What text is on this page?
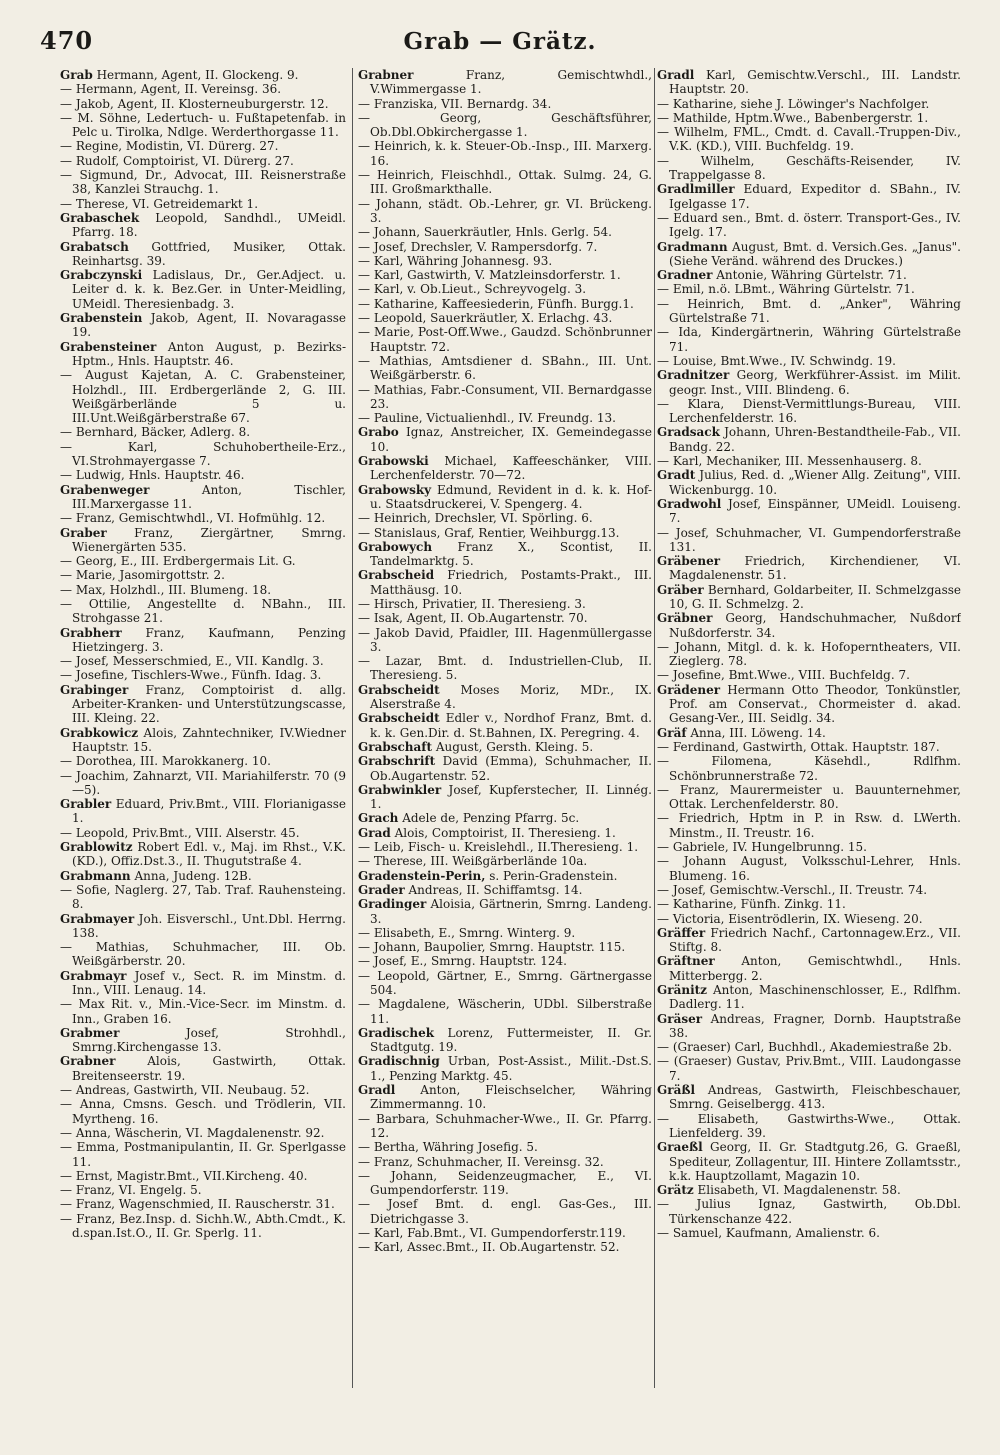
470	Grab — Grätz.
Grab Hermann, Agent, II. Glockeng. 9.
— Hermann, Agent, II. Vereinsg. 36.
— Jakob, Agent, II. Klosterneuburgerstr. 12.
— M. Söhne, Ledertuch- u. Fußtapetenfab. in Pelc u. Tirolka, Ndlge. Werderthorgasse 11.
— Regine, Modistin, VI. Dürerg. 27.
— Rudolf, Comptoirist, VI. Dürerg. 27.
— Sigmund, Dr., Advocat, III. Reisnerstraße 38, Kanzlei Strauchg. 1.
— Therese, VI. Getreidemarkt 1.
Grabaschek Leopold, Sandhdl., UMeidl. Pfarrg. 18.
Grabatsch Gottfried, Musiker, Ottak. Reinhartsg. 39.
Grabczynski Ladislaus, Dr., Ger.Adject. u. Leiter d. k. k. Bez.Ger. in Unter-Meidling, UMeidl. Theresienbadg. 3.
Grabenstein Jakob, Agent, II. Novaragasse 19.
Grabensteiner Anton August, p. Bezirks-Hptm., Hnls. Hauptstr. 46.
— August Kajetan, A. C. Grabensteiner, Holzhdl., III. Erdbergerlände 2, G. III. Weißgärberlände 5 u. III.Unt.Weißgärberstraße 67.
— Bernhard, Bäcker, Adlerg. 8.
— Karl, Schuhobertheile-Erz., VI.Strohmayergasse 7.
— Ludwig, Hnls. Hauptstr. 46.
Grabenweger Anton, Tischler, III.Marxergasse 11.
— Franz, Gemischtwhdl., VI. Hofmühlg. 12.
Graber Franz, Ziergärtner, Smrng. Wienergärten 535.
— Georg, E., III. Erdbergermais Lit. G.
— Marie, Jasomirgottstr. 2.
— Max, Holzhdl., III. Blumeng. 18.
— Ottilie, Angestellte d. NBahn., III. Strohgasse 21.
Grabherr Franz, Kaufmann, Penzing Hietzingerg. 3.
— Josef, Messerschmied, E., VII. Kandlg. 3.
— Josefine, Tischlers-Wwe., Fünfh. Idag. 3.
Grabinger Franz, Comptoirist d. allg. Arbeiter-Kranken- und Unterstützungscasse, III. Kleing. 22.
Grabkowicz Alois, Zahntechniker, IV.Wiedner Hauptstr. 15.
— Dorothea, III. Marokkanerg. 10.
— Joachim, Zahnarzt, VII. Mariahilferstr. 70 (9—5).
Grabler Eduard, Priv.Bmt., VIII. Florianigasse 1.
— Leopold, Priv.Bmt., VIII. Alserstr. 45.
Grablowitz Robert Edl. v., Maj. im Rhst., V.K. (KD.), Offiz.Dst.3., II. Thugutstraße 4.
Grabmann Anna, Judeng. 12B.
— Sofie, Naglerg. 27, Tab. Traf. Rauhensteing. 8.
Grabmayer Joh. Eisverschl., Unt.Dbl. Herrng. 138.
— Mathias, Schuhmacher, III. Ob. Weißgärberstr. 20.
Grabmayr Josef v., Sect. R. im Minstm. d. Inn., VIII. Lenaug. 14.
— Max Rit. v., Min.-Vice-Secr. im Minstm. d. Inn., Graben 16.
Grabmer Josef, Strohhdl., Smrng.Kirchengasse 13.
Grabner Alois, Gastwirth, Ottak. Breitenseerstr. 19.
— Andreas, Gastwirth, VII. Neubaug. 52.
— Anna, Cmsns. Gesch. und Trödlerin, VII. Myrtheng. 16.
— Anna, Wäscherin, VI. Magdalenenstr. 92.
— Emma, Postmanipulantin, II. Gr. Sperlgasse 11.
— Ernst, Magistr.Bmt., VII.Kircheng. 40.
— Franz, VI. Engelg. 5.
— Franz, Wagenschmied, II. Rauscherstr. 31.
— Franz, Bez.Insp. d. Sichh.W., Abth.Cmdt., K. d.span.Ist.O., II. Gr. Sperlg. 11.
Grabner Franz, Gemischtwhdl., V.Wimmergasse 1.
— Franziska, VII. Bernardg. 34.
— Georg, Geschäftsführer, Ob.Dbl.Obkirchergasse 1.
— Heinrich, k. k. Steuer-Ob.-Insp., III. Marxerg. 16.
— Heinrich, Fleischhdl., Ottak. Sulmg. 24, G. III. Großmarkthalle.
— Johann, städt. Ob.-Lehrer, gr. VI. Brückeng. 3.
— Johann, Sauerkräutler, Hnls. Gerlg. 54.
— Josef, Drechsler, V. Rampersdorfg. 7.
— Karl, Währing Johannesg. 93.
— Karl, Gastwirth, V. Matzleinsdorferstr. 1.
— Karl, v. Ob.Lieut., Schreyvogelg. 3.
— Katharine, Kaffeesiederin, Fünfh. Burgg.1.
— Leopold, Sauerkräutler, X. Erlachg. 43.
— Marie, Post-Off.Wwe., Gaudzd. Schönbrunner Hauptstr. 72.
— Mathias, Amtsdiener d. SBahn., III. Unt. Weißgärberstr. 6.
— Mathias, Fabr.-Consument, VII. Bernardgasse 23.
— Pauline, Victualienhdl., IV. Freundg. 13.
Grabo Ignaz, Anstreicher, IX. Gemeindegasse 10.
Grabowski Michael, Kaffeeschänker, VIII. Lerchenfelderstr. 70—72.
Grabowsky Edmund, Revident in d. k. k. Hof- u. Staatsdruckerei, V. Spengerg. 4.
— Heinrich, Drechsler, VI. Spörling. 6.
— Stanislaus, Graf, Rentier, Weihburgg.13.
Grabowych Franz X., Scontist, II. Tandelmarktg. 5.
Grabscheid Friedrich, Postamts-Prakt., III. Matthäusg. 10.
— Hirsch, Privatier, II. Theresieng. 3.
— Isak, Agent, II. Ob.Augartenstr. 70.
— Jakob David, Pfaidler, III. Hagenmüllergasse 3.
— Lazar, Bmt. d. Industriellen-Club, II. Theresieng. 5.
Grabscheidt Moses Moriz, MDr., IX. Alserstraße 4.
Grabscheidt Edler v., Nordhof Franz, Bmt. d. k. k. Gen.Dir. d. St.Bahnen, IX. Peregring. 4.
Grabschaft August, Gersth. Kleing. 5.
Grabschrift David (Emma), Schuhmacher, II. Ob.Augartenstr. 52.
Grabwinkler Josef, Kupferstecher, II. Linnég. 1.
Grach Adele de, Penzing Pfarrg. 5c.
Grad Alois, Comptoirist, II. Theresieng. 1.
— Leib, Fisch- u. Kreislehdl., II.Theresieng. 1.
— Therese, III. Weißgärberlände 10a.
Gradenstein-Perin, s. Perin-Gradenstein.
Grader Andreas, II. Schiffamtsg. 14.
Gradinger Aloisia, Gärtnerin, Smrng. Landeng. 3.
— Elisabeth, E., Smrng. Winterg. 9.
— Johann, Baupolier, Smrng. Hauptstr. 115.
— Josef, E., Smrng. Hauptstr. 124.
— Leopold, Gärtner, E., Smrng. Gärtnergasse 504.
— Magdalene, Wäscherin, UDbl. Silberstraße 11.
Gradischek Lorenz, Futtermeister, II. Gr. Stadtgutg. 19.
Gradischnig Urban, Post-Assist., Milit.-Dst.S. 1., Penzing Marktg. 45.
Gradl Anton, Fleischselcher, Währing Zimmermanng. 10.
— Barbara, Schuhmacher-Wwe., II. Gr. Pfarrg. 12.
— Bertha, Währing Josefig. 5.
— Franz, Schuhmacher, II. Vereinsg. 32.
— Johann, Seidenzeugmacher, E., VI. Gumpendorferstr. 119.
— Josef Bmt. d. engl. Gas-Ges., III. Dietrichgasse 3.
— Karl, Fab.Bmt., VI. Gumpendorferstr.119.
— Karl, Assec.Bmt., II. Ob.Augartenstr. 52.
Gradl Karl, Gemischtw.Verschl., III. Landstr. Hauptstr. 20.
— Katharine, siehe J. Löwinger's Nachfolger.
— Mathilde, Hptm.Wwe., Babenbergerstr. 1.
— Wilhelm, FML., Cmdt. d. Cavall.-Truppen-Div., V.K. (KD.), VIII. Buchfeldg. 19.
— Wilhelm, Geschäfts-Reisender, IV. Trappelgasse 8.
Gradlmiller Eduard, Expeditor d. SBahn., IV. Igelgasse 17.
— Eduard sen., Bmt. d. österr. Transport-Ges., IV. Igelg. 17.
Gradmann August, Bmt. d. Versich.Ges. „Janus". (Siehe Veränd. während des Druckes.)
Gradner Antonie, Währing Gürtelstr. 71.
— Emil, n.ö. LBmt., Währing Gürtelstr. 71.
— Heinrich, Bmt. d. „Anker", Währing Gürtelstraße 71.
— Ida, Kindergärtnerin, Währing Gürtelstraße 71.
— Louise, Bmt.Wwe., IV. Schwindg. 19.
Gradnitzer Georg, Werkführer-Assist. im Milit. geogr. Inst., VIII. Blindeng. 6.
— Klara, Dienst-Vermittlungs-Bureau, VIII. Lerchenfelderstr. 16.
Gradsack Johann, Uhren-Bestandtheile-Fab., VII. Bandg. 22.
— Karl, Mechaniker, III. Messenhauserg. 8.
Gradt Julius, Red. d. „Wiener Allg. Zeitung", VIII. Wickenburgg. 10.
Gradwohl Josef, Einspänner, UMeidl. Louiseng. 7.
— Josef, Schuhmacher, VI. Gumpendorferstraße 131.
Gräbener Friedrich, Kirchendiener, VI. Magdalenenstr. 51.
Gräber Bernhard, Goldarbeiter, II. Schmelzgasse 10, G. II. Schmelzg. 2.
Gräbner Georg, Handschuhmacher, Nußdorf Nußdorferstr. 34.
— Johann, Mitgl. d. k. k. Hofoperntheaters, VII. Zieglerg. 78.
— Josefine, Bmt.Wwe., VIII. Buchfeldg. 7.
Grädener Hermann Otto Theodor, Tonkünstler, Prof. am Conservat., Chormeister d. akad. Gesang-Ver., III. Seidlg. 34.
Gräf Anna, III. Löweng. 14.
— Ferdinand, Gastwirth, Ottak. Hauptstr. 187.
— Filomena, Käsehdl., Rdlfhm. Schönbrunnerstraße 72.
— Franz, Maurermeister u. Bauunternehmer, Ottak. Lerchenfelderstr. 80.
— Friedrich, Hptm in P. in Rsw. d. LWerth. Minstm., II. Treustr. 16.
— Gabriele, IV. Hungelbrunng. 15.
— Johann August, Volksschul-Lehrer, Hnls. Blumeng. 16.
— Josef, Gemischtw.-Verschl., II. Treustr. 74.
— Katharine, Fünfh. Zinkg. 11.
— Victoria, Eisentrödlerin, IX. Wieseng. 20.
Gräffer Friedrich Nachf., Cartonnagew.Erz., VII. Stiftg. 8.
Gräftner Anton, Gemischtwhdl., Hnls. Mitterbergg. 2.
Gränitz Anton, Maschinenschlosser, E., Rdlfhm. Dadlerg. 11.
Gräser Andreas, Fragner, Dornb. Hauptstraße 38.
— (Graeser) Carl, Buchhdl., Akademiestraße 2b.
— (Graeser) Gustav, Priv.Bmt., VIII. Laudongasse 7.
Gräßl Andreas, Gastwirth, Fleischbeschauer, Smrng. Geiselbergg. 413.
— Elisabeth, Gastwirths-Wwe., Ottak. Lienfelderg. 39.
Graeßl Georg, II. Gr. Stadtgutg.26, G. Graeßl, Spediteur, Zollagentur, III. Hintere Zollamtsstr., k.k. Hauptzollamt, Magazin 10.
Grätz Elisabeth, VI. Magdalenenstr. 58.
— Julius Ignaz, Gastwirth, Ob.Dbl. Türkenschanze 422.
— Samuel, Kaufmann, Amalienstr. 6.
